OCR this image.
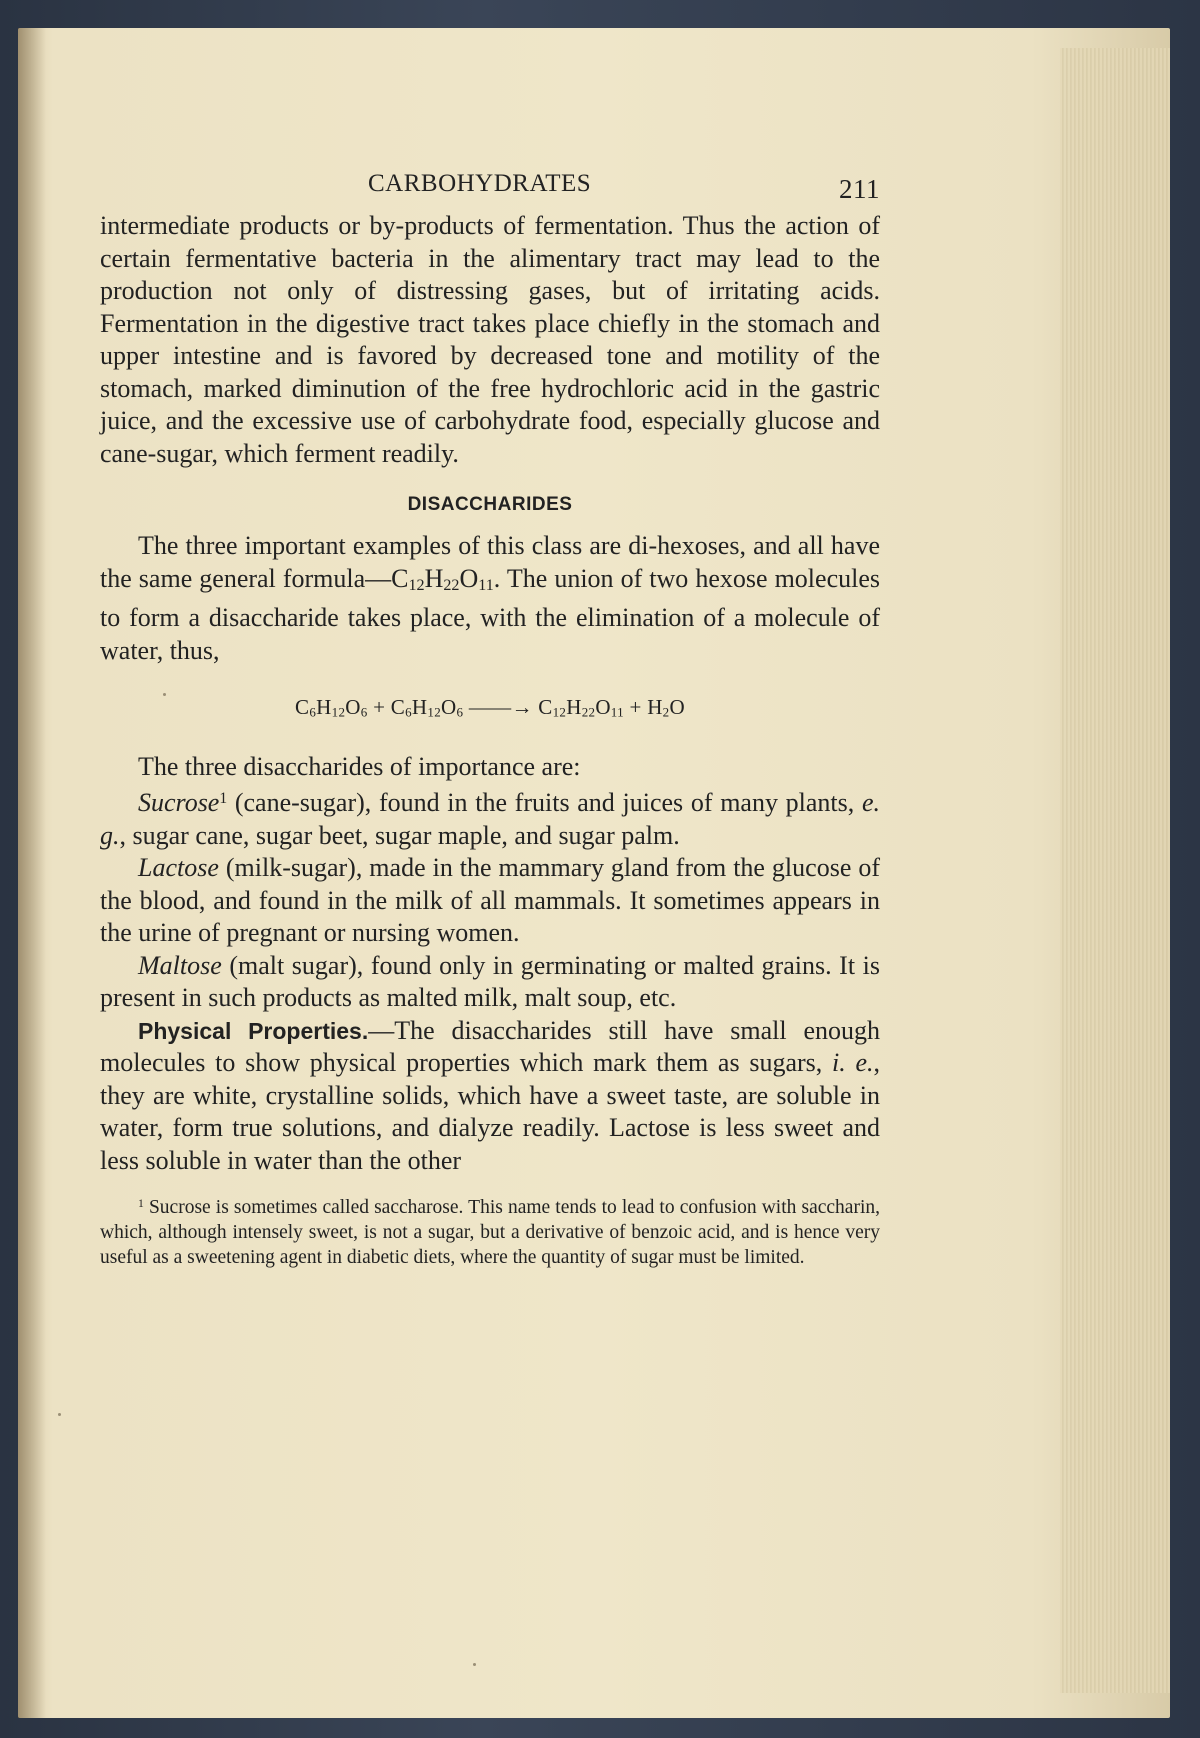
CARBOHYDRATES	211

intermediate products or by-products of fermentation. Thus the action of certain fermentative bacteria in the alimentary tract may lead to the production not only of distressing gases, but of irritating acids. Fermentation in the digestive tract takes place chiefly in the stomach and upper intestine and is favored by decreased tone and motility of the stomach, marked diminution of the free hydrochloric acid in the gastric juice, and the excessive use of carbohydrate food, especially glucose and cane-sugar, which ferment readily.

DISACCHARIDES

The three important examples of this class are di-hexoses, and all have the same general $formula—C_{12}H_{22}O_{11}$. The union of two hexose molecules to form a disaccharide takes place, with the elimination of a molecule of water, thus,

$C_6H_{12}O_6 + C_6H_{12}O_6$ ——→ $C_{12}H_{22}O_{11} + H_2O$

The three disaccharides of importance are:

Sucrose$^1$ (cane-sugar), found in the fruits and juices of many plants, e. g., sugar cane, sugar beet, sugar maple, and sugar palm.

Lactose (milk-sugar), made in the mammary gland from the glucose of the blood, and found in the milk of all mammals. It sometimes appears in the urine of pregnant or nursing women.

Maltose (malt sugar), found only in germinating or malted grains. It is present in such products as malted milk, malt soup, etc.

Physical Properties.—The disaccharides still have small enough molecules to show physical properties which mark them as sugars, i. e., they are white, crystalline solids, which have a sweet taste, are soluble in water, form true solutions, and dialyze readily. Lactose is less sweet and less soluble in water than the other

$^1$ Sucrose is sometimes called saccharose. This name tends to lead to confusion with saccharin, which, although intensely sweet, is not a sugar, but a derivative of benzoic acid, and is hence very useful as a sweetening agent in diabetic diets, where the quantity of sugar must be limited.
